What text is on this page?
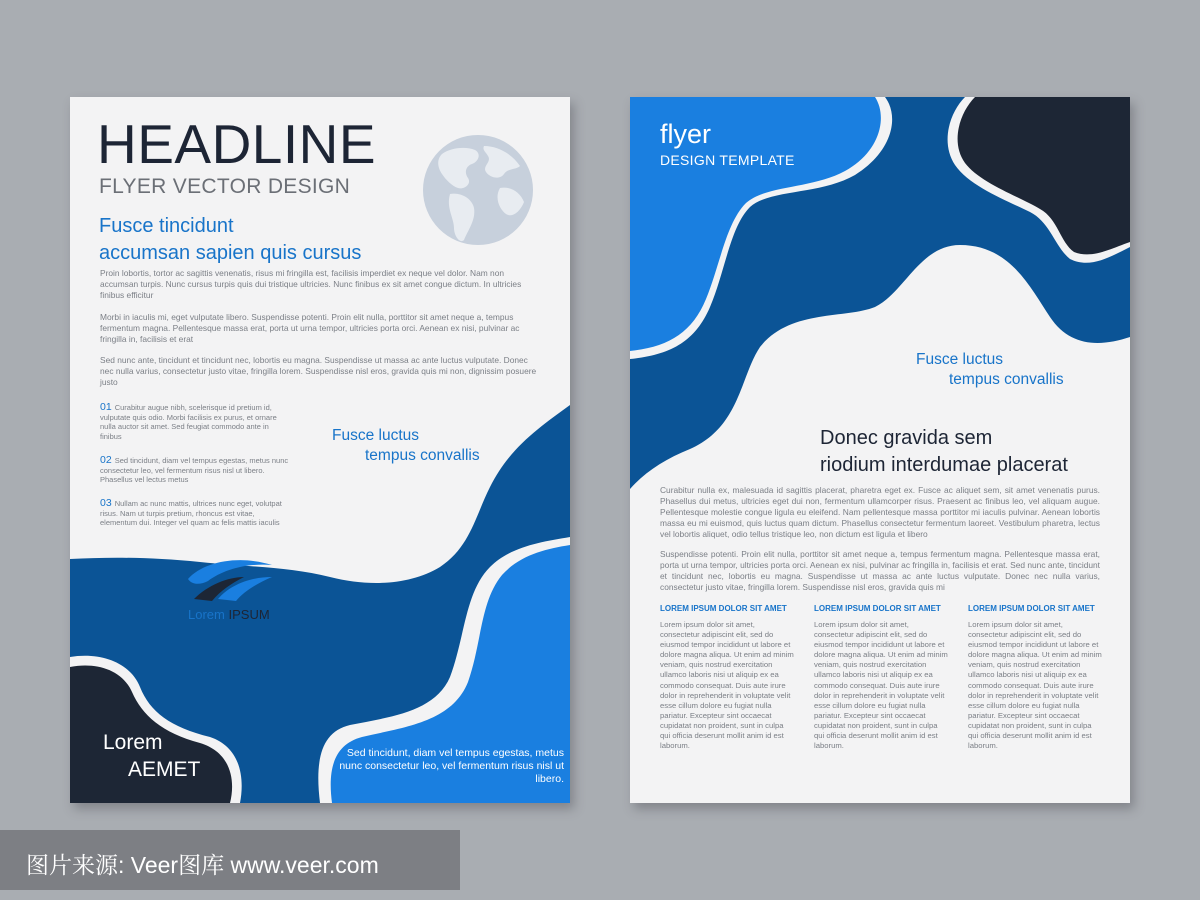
HEADLINE
FLYER VECTOR DESIGN
Fusce tincidunt
accumsan sapien quis cursus
Proin lobortis, tortor ac sagittis venenatis, risus mi fringilla est, facilisis imperdiet ex neque vel dolor. Nam non accumsan turpis. Nunc cursus turpis quis dui tristique ultricies. Nunc finibus ex sit amet congue dictum. In ultricies finibus efficitur
Morbi in iaculis mi, eget vulputate libero. Suspendisse potenti. Proin elit nulla, porttitor sit amet neque a, tempus fermentum magna. Pellentesque massa erat, porta ut urna tempor, ultricies porta orci. Aenean ex nisi, pulvinar ac fringilla in, facilisis et erat
Sed nunc ante, tincidunt et tincidunt nec, lobortis eu magna. Suspendisse ut massa ac ante luctus vulputate. Donec nec nulla varius, consectetur justo vitae, fringilla lorem. Suspendisse nisl eros, gravida quis mi non, dignissim posuere justo
01 Curabitur augue nibh, scelerisque id pretium id, vulputate quis odio. Morbi facilisis ex purus, et ornare nulla auctor sit amet. Sed feugiat commodo ante in finibus
02 Sed tincidunt, diam vel tempus egestas, metus nunc consectetur leo, vel fermentum risus nisl ut libero. Phasellus vel lectus metus
03 Nullam ac nunc mattis, ultrices nunc eget, volutpat risus. Nam ut turpis pretium, rhoncus est vitae, elementum dui. Integer vel quam ac felis mattis iaculis
Fusce luctus
tempus convallis
Lorem IPSUM
Lorem
AEMET
Sed tincidunt, diam vel tempus egestas, metus nunc consectetur leo, vel fermentum risus nisl ut libero.
flyer
DESIGN TEMPLATE
Fusce luctus
tempus convallis
Donec gravida sem
riodium interdumae placerat
Curabitur nulla ex, malesuada id sagittis placerat, pharetra eget ex. Fusce ac aliquet sem, sit amet venenatis purus. Phasellus dui metus, ultricies eget dui non, fermentum ullamcorper risus. Praesent ac finibus leo, vel aliquam augue. Pellentesque molestie congue ligula eu eleifend. Nam pellentesque massa porttitor mi iaculis pulvinar. Aenean lobortis massa eu mi euismod, quis luctus quam dictum. Phasellus consectetur fermentum laoreet. Vestibulum pharetra, lectus vel lobortis aliquet, odio tellus tristique leo, non dictum est ligula et libero
Suspendisse potenti. Proin elit nulla, porttitor sit amet neque a, tempus fermentum magna. Pellentesque massa erat, porta ut urna tempor, ultricies porta orci. Aenean ex nisi, pulvinar ac fringilla in, facilisis et erat. Sed nunc ante, tincidunt et tincidunt nec, lobortis eu magna. Suspendisse ut massa ac ante luctus vulputate. Donec nec nulla varius, consectetur justo vitae, fringilla lorem. Suspendisse nisl eros, gravida quis mi
LOREM IPSUM DOLOR SIT AMET	LOREM IPSUM DOLOR SIT AMET	LOREM IPSUM DOLOR SIT AMET
Lorem ipsum dolor sit amet, consectetur adipiscint elit, sed do eiusmod tempor incididunt ut labore et dolore magna aliqua. Ut enim ad minim veniam, quis nostrud exercitation ullamco laboris nisi ut aliquip ex ea commodo consequat. Duis aute irure dolor in reprehenderit in voluptate velit esse cillum dolore eu fugiat nulla pariatur. Excepteur sint occaecat cupidatat non proident, sunt in culpa qui officia deserunt mollit anim id est laborum.
Lorem ipsum dolor sit amet, consectetur adipiscint elit, sed do eiusmod tempor incididunt ut labore et dolore magna aliqua. Ut enim ad minim veniam, quis nostrud exercitation ullamco laboris nisi ut aliquip ex ea commodo consequat. Duis aute irure dolor in reprehenderit in voluptate velit esse cillum dolore eu fugiat nulla pariatur. Excepteur sint occaecat cupidatat non proident, sunt in culpa qui officia deserunt mollit anim id est laborum.
Lorem ipsum dolor sit amet, consectetur adipiscint elit, sed do eiusmod tempor incididunt ut labore et dolore magna aliqua. Ut enim ad minim veniam, quis nostrud exercitation ullamco laboris nisi ut aliquip ex ea commodo consequat. Duis aute irure dolor in reprehenderit in voluptate velit esse cillum dolore eu fugiat nulla pariatur. Excepteur sint occaecat cupidatat non proident, sunt in culpa qui officia deserunt mollit anim id est laborum.
图片来源: Veer图库 www.veer.com
